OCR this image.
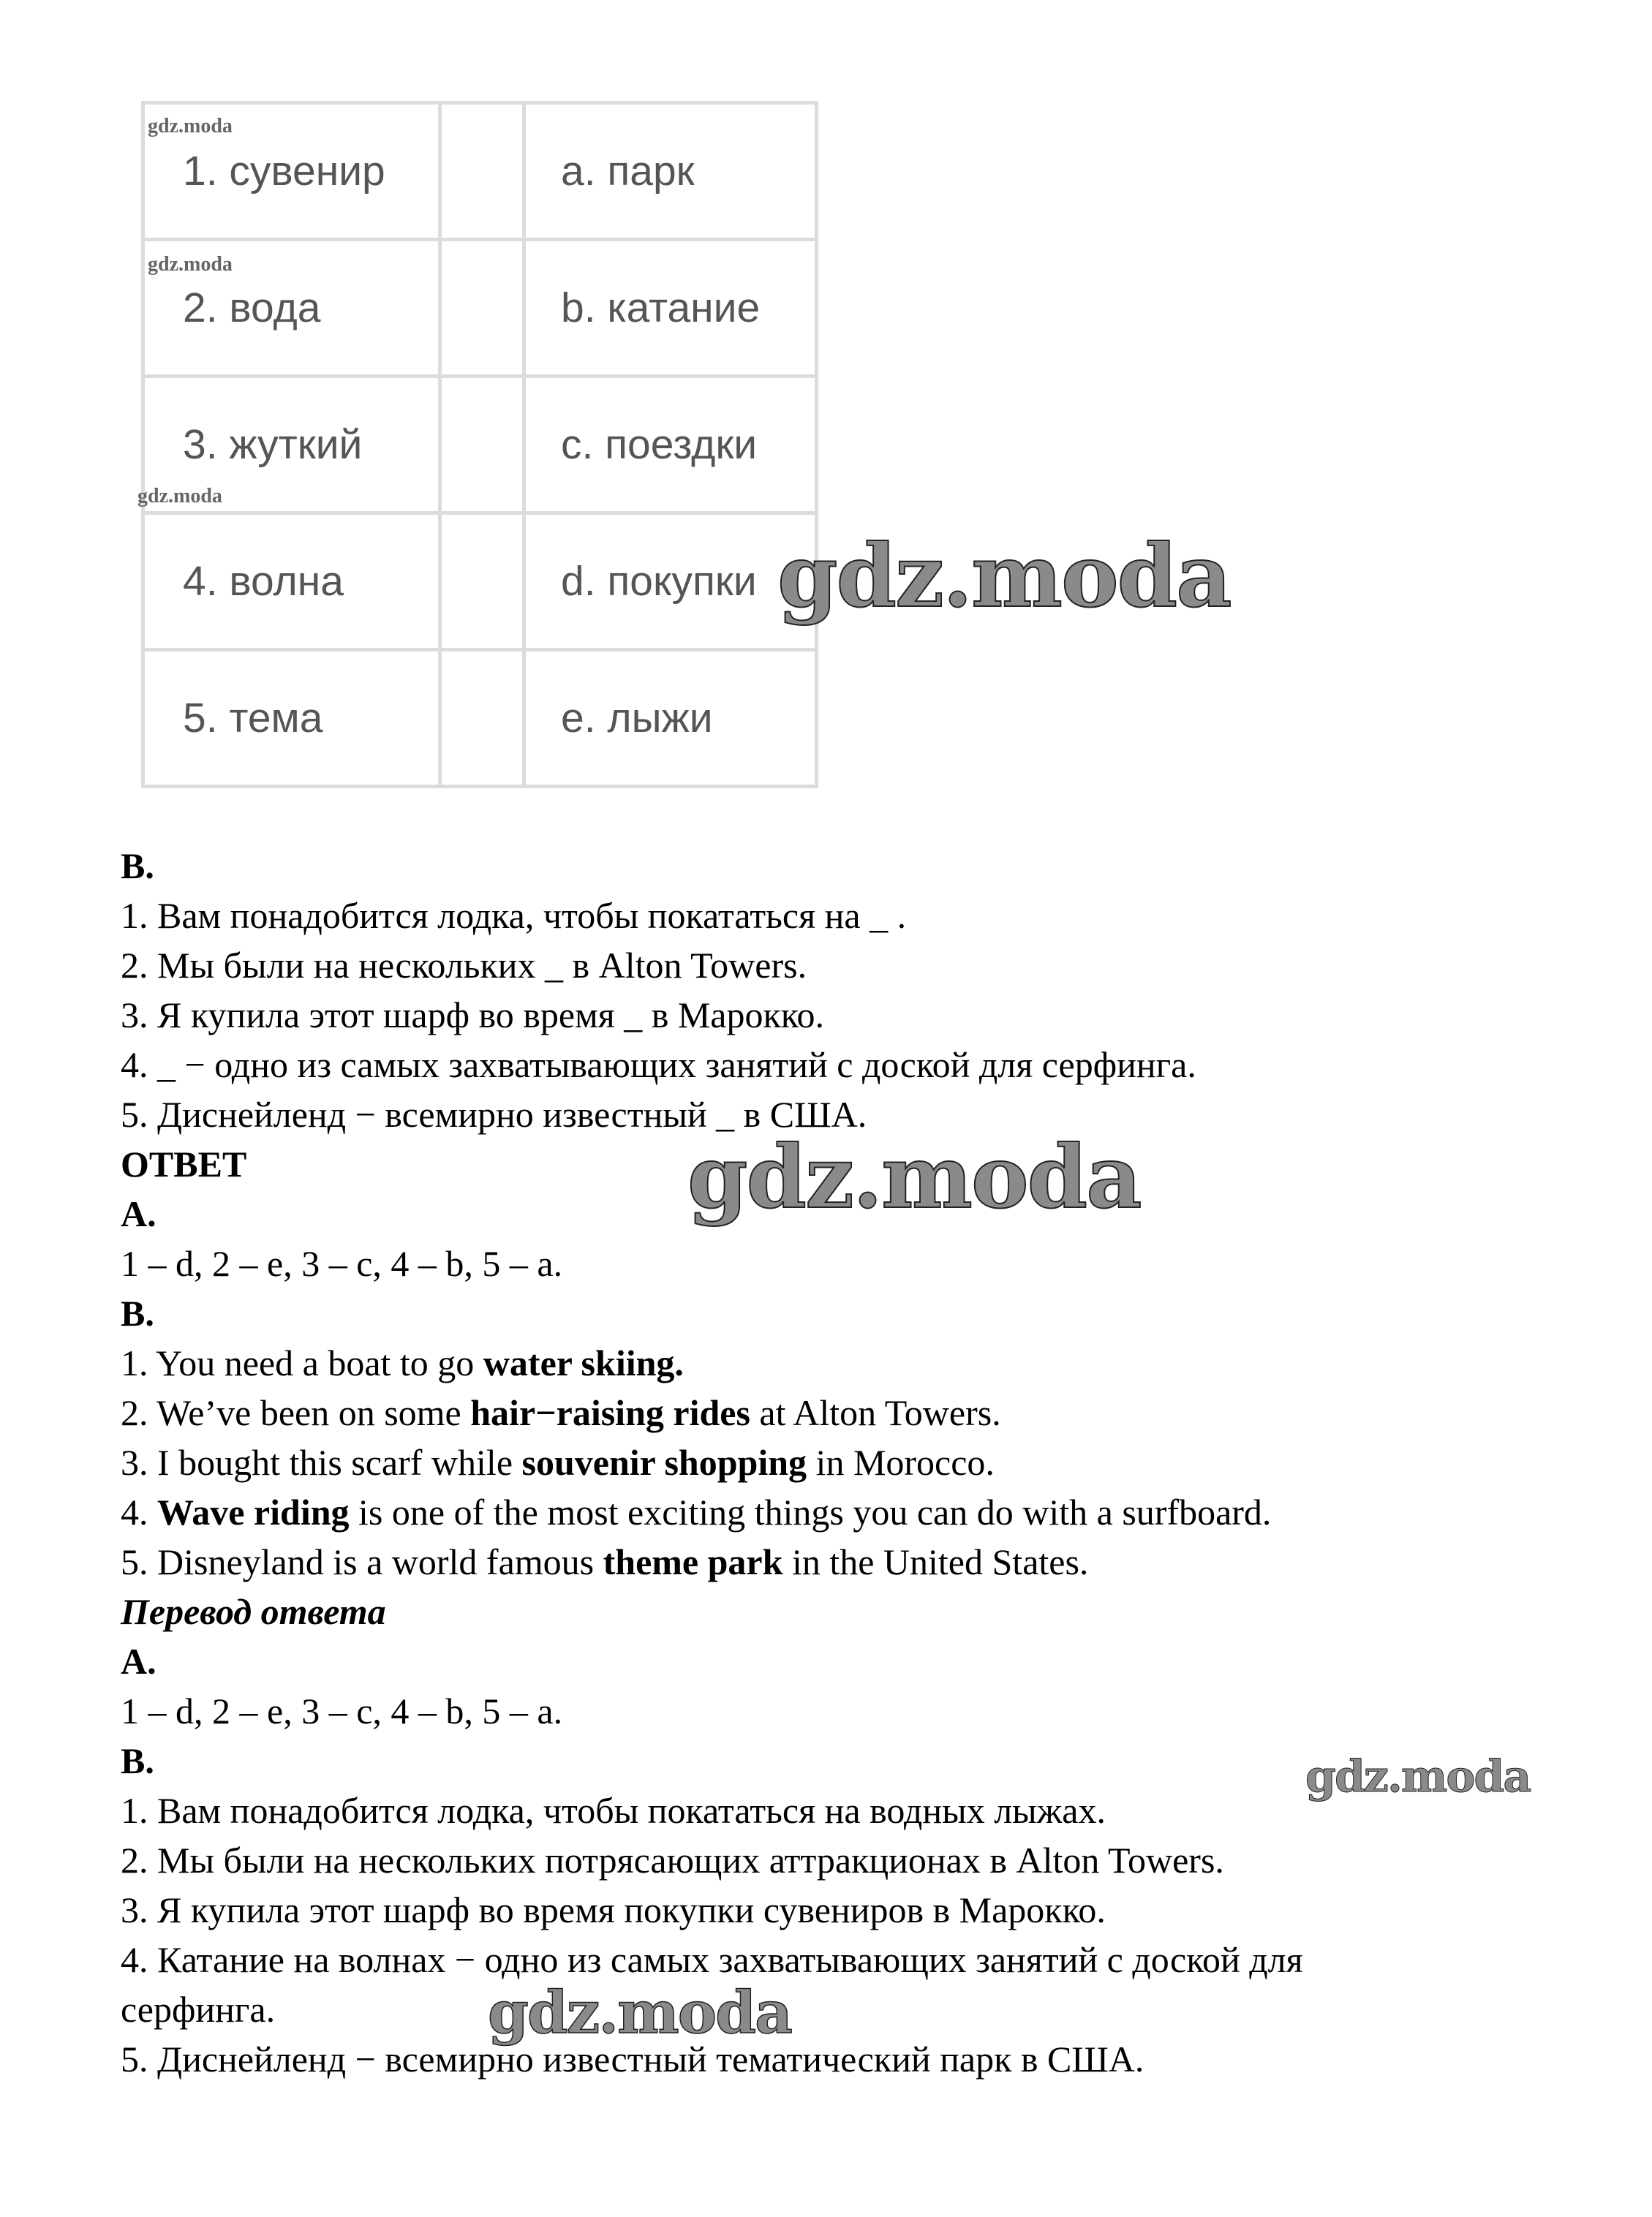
gdz.moda
1. сувенир		a. парк

gdz.moda
2. вода		b. катание

gdz.moda
3. жуткий		c. поездки
4. волна		d. покупки
5. тема		e. лыжи
gdz.moda
gdz.moda
gdz.moda
gdz.moda
B.
1. Вам понадобится лодка, чтобы покататься на _ .
2. Мы были на нескольких _ в Alton Towers.
3. Я купила этот шарф во время _ в Марокко.
4. _ − одно из самых захватывающих занятий с доской для серфинга.
5. Диснейленд − всемирно известный _ в США.
ОТВЕТ
A.
1 – d, 2 – e, 3 – c, 4 – b, 5 – a.
B.
1. You need a boat to go water skiing.
2. We’ve been on some hair−raising rides at Alton Towers.
3. I bought this scarf while souvenir shopping in Morocco.
4. Wave riding is one of the most exciting things you can do with a surfboard.
5. Disneyland is a world famous theme park in the United States.
Перевод ответа
A.
1 – d, 2 – e, 3 – c, 4 – b, 5 – a.
B.
1. Вам понадобится лодка, чтобы покататься на водных лыжах.
2. Мы были на нескольких потрясающих аттракционах в Alton Towers.
3. Я купила этот шарф во время покупки сувениров в Марокко.
4. Катание на волнах − одно из самых захватывающих занятий с доской для
серфинга.
5. Диснейленд − всемирно известный тематический парк в США.
